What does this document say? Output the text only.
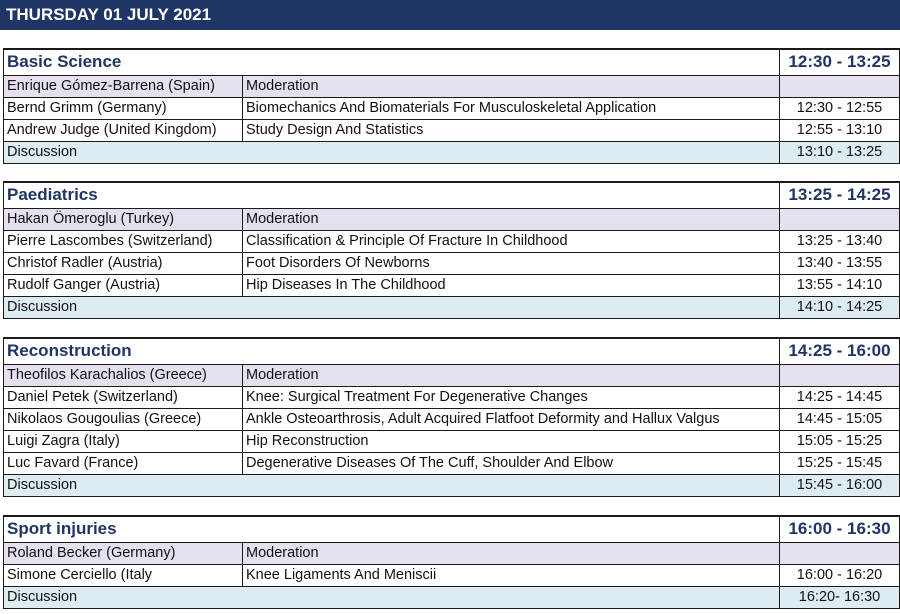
THURSDAY 01 JULY 2021
Basic Science		12:30 - 13:25
Enrique Gómez-Barrena (Spain)	Moderation	
Bernd Grimm (Germany)	Biomechanics And Biomaterials For Musculoskeletal Application	12:30 - 12:55
Andrew Judge (United Kingdom)	Study Design And Statistics	12:55 - 13:10
Discussion		13:10 - 13:25
Paediatrics		13:25 - 14:25
Hakan Ömeroglu (Turkey)	Moderation	
Pierre Lascombes (Switzerland)	Classification & Principle Of Fracture In Childhood	13:25 - 13:40
Christof Radler (Austria)	Foot Disorders Of Newborns	13:40 - 13:55
Rudolf Ganger (Austria)	Hip Diseases In The Childhood	13:55 - 14:10
Discussion		14:10 - 14:25
Reconstruction		14:25 - 16:00
Theofilos Karachalios (Greece)	Moderation	
Daniel Petek (Switzerland)	Knee: Surgical Treatment For Degenerative Changes	14:25 - 14:45
Nikolaos Gougoulias (Greece)	Ankle Osteoarthrosis, Adult Acquired Flatfoot Deformity and Hallux Valgus	14:45 - 15:05
Luigi Zagra (Italy)	Hip Reconstruction	15:05 - 15:25
Luc Favard (France)	Degenerative Diseases Of The Cuff, Shoulder And Elbow	15:25 - 15:45
Discussion		15:45 - 16:00
Sport injuries		16:00 - 16:30
Roland Becker (Germany)	Moderation	
Simone Cerciello (Italy	Knee Ligaments And Meniscii	16:00 - 16:20
Discussion		16:20- 16:30
